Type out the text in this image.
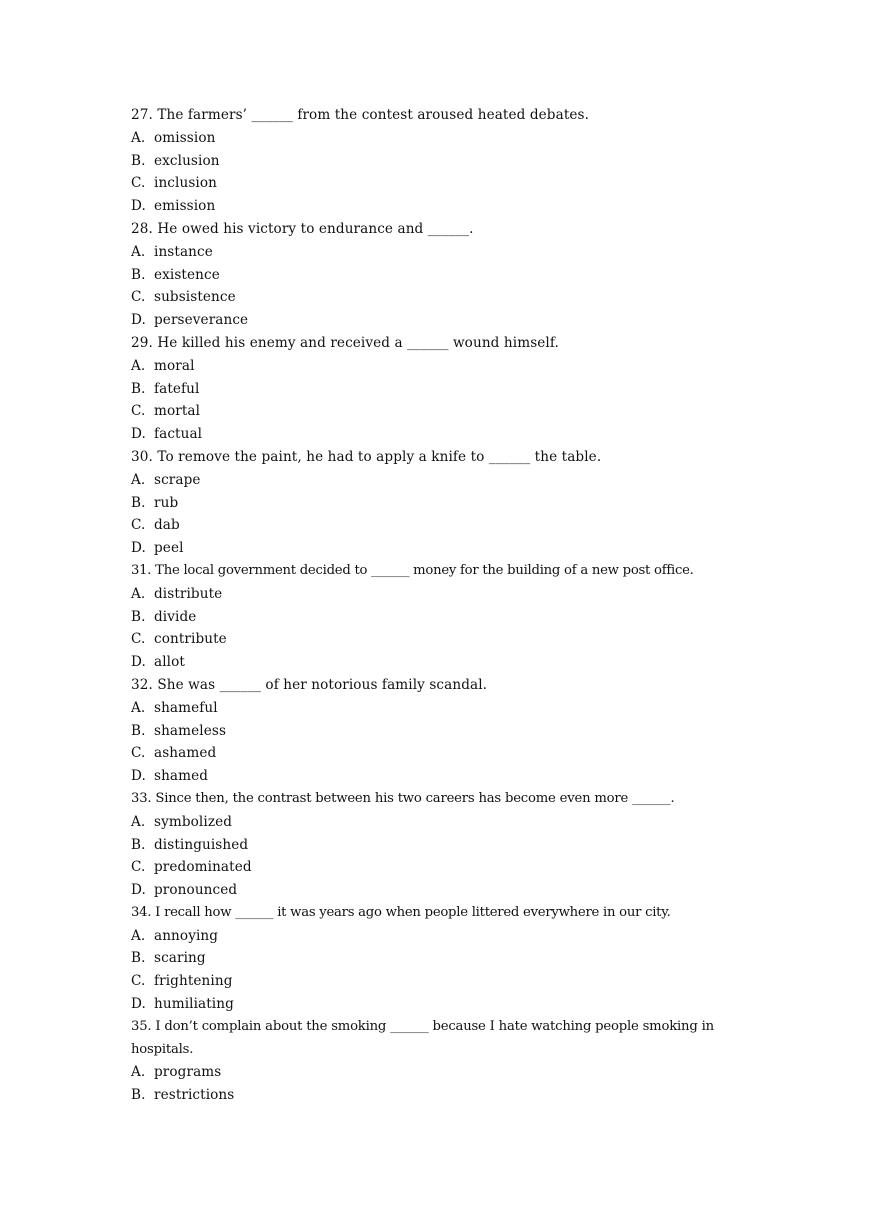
27. The farmers’ ______ from the contest aroused heated debates.
A. omission
B. exclusion
C. inclusion
D. emission
28. He owed his victory to endurance and ______.
A. instance
B. existence
C. subsistence
D. perseverance
29. He killed his enemy and received a ______ wound himself.
A. moral
B. fateful
C. mortal
D. factual
30. To remove the paint, he had to apply a knife to ______ the table.
A. scrape
B. rub
C. dab
D. peel
31. The local government decided to ______ money for the building of a new post office.
A. distribute
B. divide
C. contribute
D. allot
32. She was ______ of her notorious family scandal.
A. shameful
B. shameless
C. ashamed
D. shamed
33. Since then, the contrast between his two careers has become even more ______.
A. symbolized
B. distinguished
C. predominated
D. pronounced
34. I recall how ______ it was years ago when people littered everywhere in our city.
A. annoying
B. scaring
C. frightening
D. humiliating
35. I don’t complain about the smoking ______ because I hate watching people smoking in hospitals.
A. programs
B. restrictions
